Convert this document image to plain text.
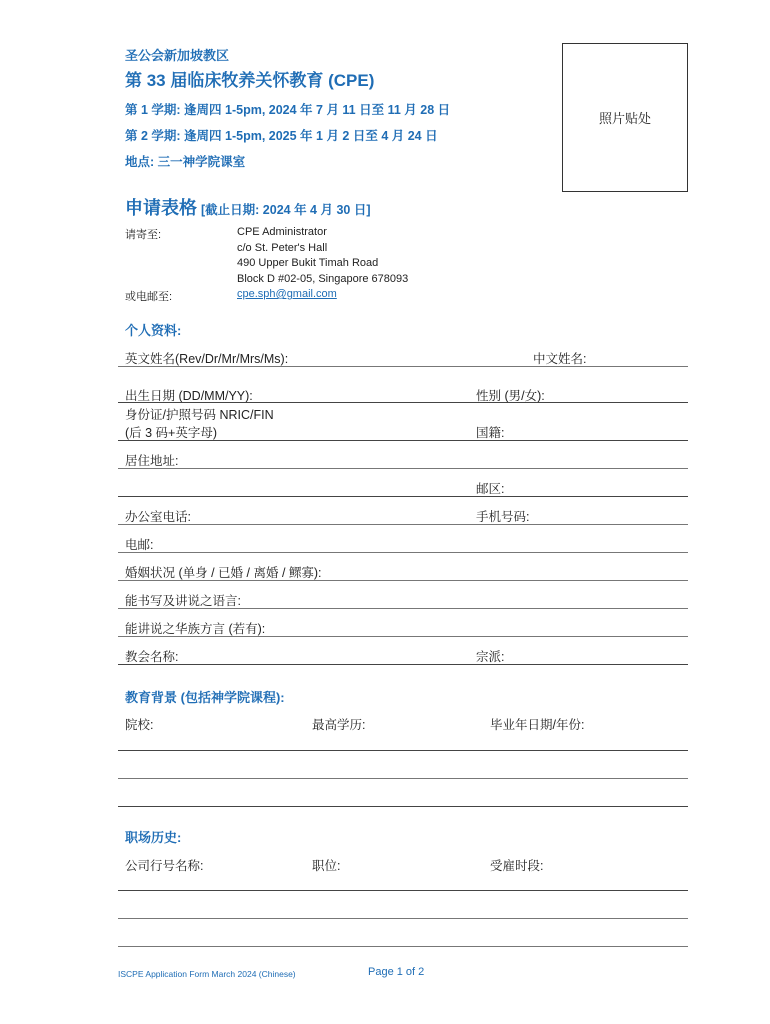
圣公会新加坡教区
第 33 届临床牧养关怀教育 (CPE)
第 1 学期: 逢周四 1-5pm, 2024 年 7 月 11 日至 11 月 28 日
第 2 学期: 逢周四 1-5pm, 2025 年 1 月 2 日至 4 月 24 日
地点: 三一神学院课室
照片贴处
申请表格 [截止日期: 2024 年 4 月 30 日]
请寄至:	CPE Administrator
c/o St. Peter's Hall
490 Upper Bukit Timah Road
Block D #02-05, Singapore 678093
或电邮至:	cpe.sph@gmail.com
个人资料:
英文姓名(Rev/Dr/Mr/Mrs/Ms):	中文姓名:
出生日期 (DD/MM/YY):	性别 (男/女):
身份证/护照号码 NRIC/FIN
(后 3 码+英字母)	国籍:
居住地址:
邮区:
办公室电话:	手机号码:
电邮:
婚姻状况 (单身 / 已婚 / 离婚 / 鳏寡):
能书写及讲说之语言:
能讲说之华族方言 (若有):
教会名称:	宗派:
教育背景 (包括神学院课程):
院校:	最高学历:	毕业年日期/年份:
职场历史:
公司行号名称:	职位:	受雇时段:
ISCPE Application Form March 2024 (Chinese)	Page 1 of 2
